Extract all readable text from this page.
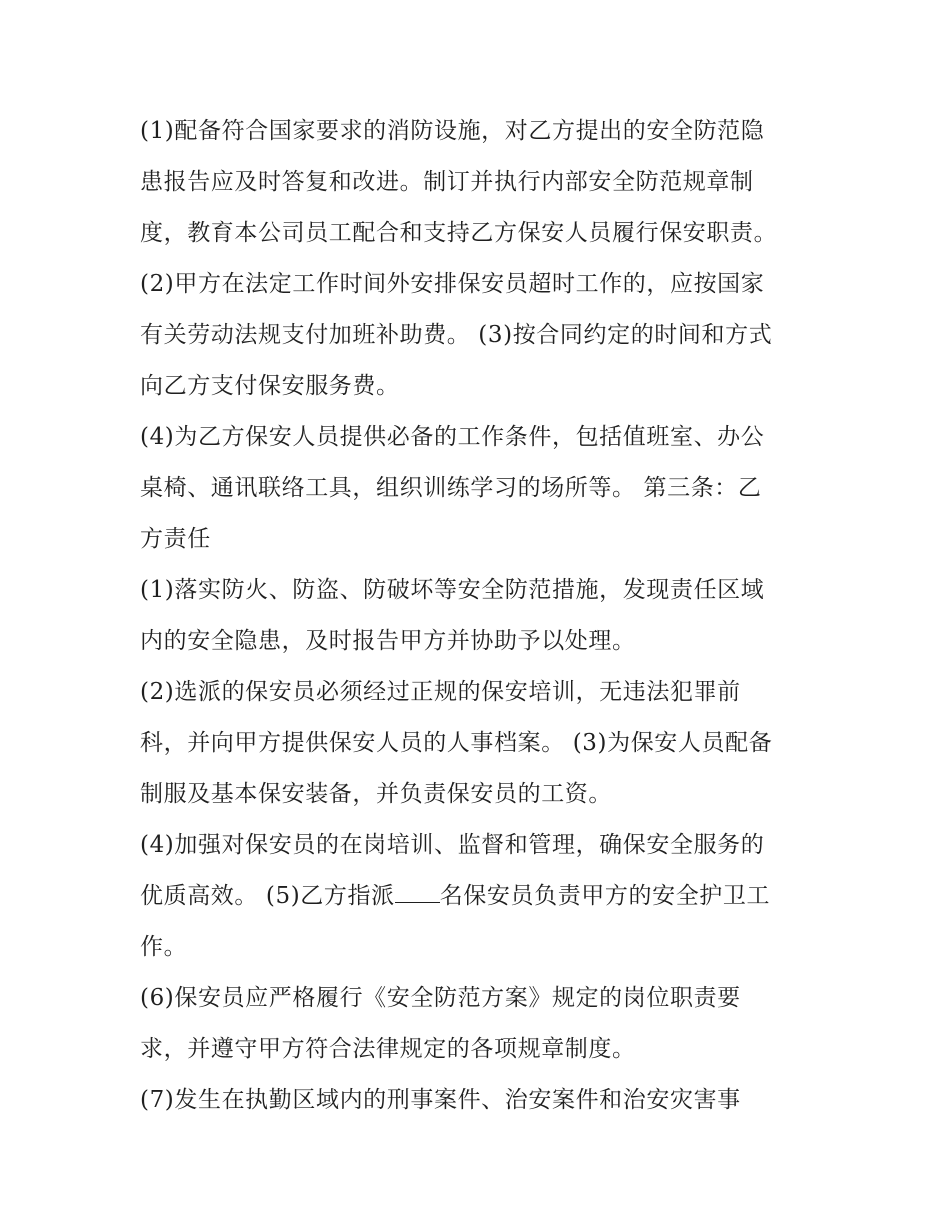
(1)配备符合国家要求的消防设施，对乙方提出的安全防范隐
患报告应及时答复和改进。制订并执行内部安全防范规章制
度，教育本公司员工配合和支持乙方保安人员履行保安职责。
(2)甲方在法定工作时间外安排保安员超时工作的，应按国家
有关劳动法规支付加班补助费。 (3)按合同约定的时间和方式
向乙方支付保安服务费。
(4)为乙方保安人员提供必备的工作条件，包括值班室、办公
桌椅、通讯联络工具，组织训练学习的场所等。 第三条：乙
方责任
(1)落实防火、防盗、防破坏等安全防范措施，发现责任区域
内的安全隐患，及时报告甲方并协助予以处理。
(2)选派的保安员必须经过正规的保安培训，无违法犯罪前
科，并向甲方提供保安人员的人事档案。 (3)为保安人员配备
制服及基本保安装备，并负责保安员的工资。
(4)加强对保安员的在岗培训、监督和管理，确保安全服务的
优质高效。 (5)乙方指派 名保安员负责甲方的安全护卫工
作。
(6)保安员应严格履行《安全防范方案》规定的岗位职责要
求，并遵守甲方符合法律规定的各项规章制度。
(7)发生在执勤区域内的刑事案件、治安案件和治安灾害事
